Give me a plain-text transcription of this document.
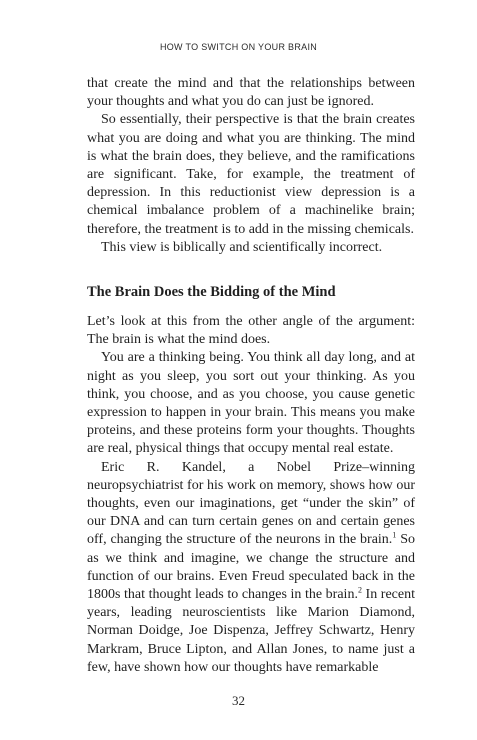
HOW TO SWITCH ON YOUR BRAIN

that create the mind and that the relationships between your thoughts and what you do can just be ignored.

So essentially, their perspective is that the brain creates what you are doing and what you are thinking. The mind is what the brain does, they believe, and the ramifications are significant. Take, for example, the treatment of depression. In this reductionist view depression is a chemical imbalance problem of a machinelike brain; therefore, the treatment is to add in the missing chemicals.

This view is biblically and scientifically incorrect.

The Brain Does the Bidding of the Mind

Let’s look at this from the other angle of the argument: The brain is what the mind does.

You are a thinking being. You think all day long, and at night as you sleep, you sort out your thinking. As you think, you choose, and as you choose, you cause genetic expression to happen in your brain. This means you make proteins, and these proteins form your thoughts. Thoughts are real, physical things that occupy mental real estate.

Eric R. Kandel, a Nobel Prize–winning neuropsychiatrist for his work on memory, shows how our thoughts, even our imaginations, get “under the skin” of our DNA and can turn certain genes on and certain genes off, changing the structure of the neurons in the brain.$^1$ So as we think and imagine, we change the structure and function of our brains. Even Freud speculated back in the 1800s that thought leads to changes in the brain.$^2$ In recent years, leading neuroscientists like Marion Diamond, Norman Doidge, Joe Dispenza, Jeffrey Schwartz, Henry Markram, Bruce Lipton, and Allan Jones, to name just a few, have shown how our thoughts have remarkable

32
